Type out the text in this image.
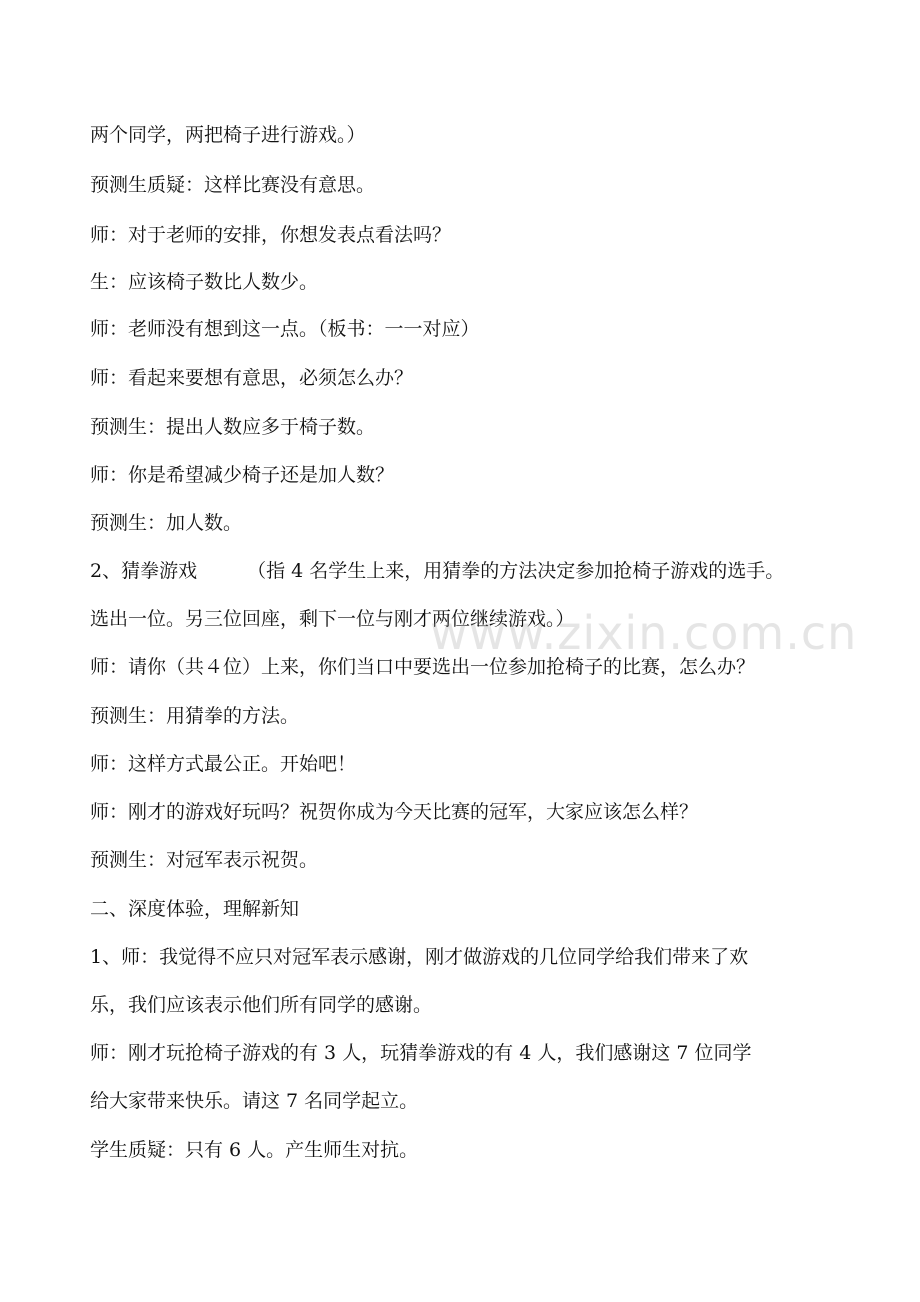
两个同学，两把椅子进行游戏。）
预测生质疑：这样比赛没有意思。
师：对于老师的安排，你想发表点看法吗？
生：应该椅子数比人数少。
师：老师没有想到这一点。（板书：一一对应）
师：看起来要想有意思，必须怎么办？
预测生：提出人数应多于椅子数。
师：你是希望减少椅子还是加人数？
预测生：加人数。
2、猜拳游戏	（指 4 名学生上来，用猜拳的方法决定参加抢椅子游戏的选手。
选出一位。另三位回座，剩下一位与刚才两位继续游戏。）
师：请你（共４位）上来，你们当口中要选出一位参加抢椅子的比赛，怎么办？
预测生：用猜拳的方法。
师：这样方式最公正。开始吧！
师：刚才的游戏好玩吗？祝贺你成为今天比赛的冠军，大家应该怎么样？
预测生：对冠军表示祝贺。
二、深度体验，理解新知
1、师：我觉得不应只对冠军表示感谢，刚才做游戏的几位同学给我们带来了欢
乐，我们应该表示他们所有同学的感谢。
师：刚才玩抢椅子游戏的有 3 人，玩猜拳游戏的有 4 人，我们感谢这 7 位同学
给大家带来快乐。请这 7 名同学起立。
学生质疑：只有 6 人。产生师生对抗。
www.zixin.com.cn
